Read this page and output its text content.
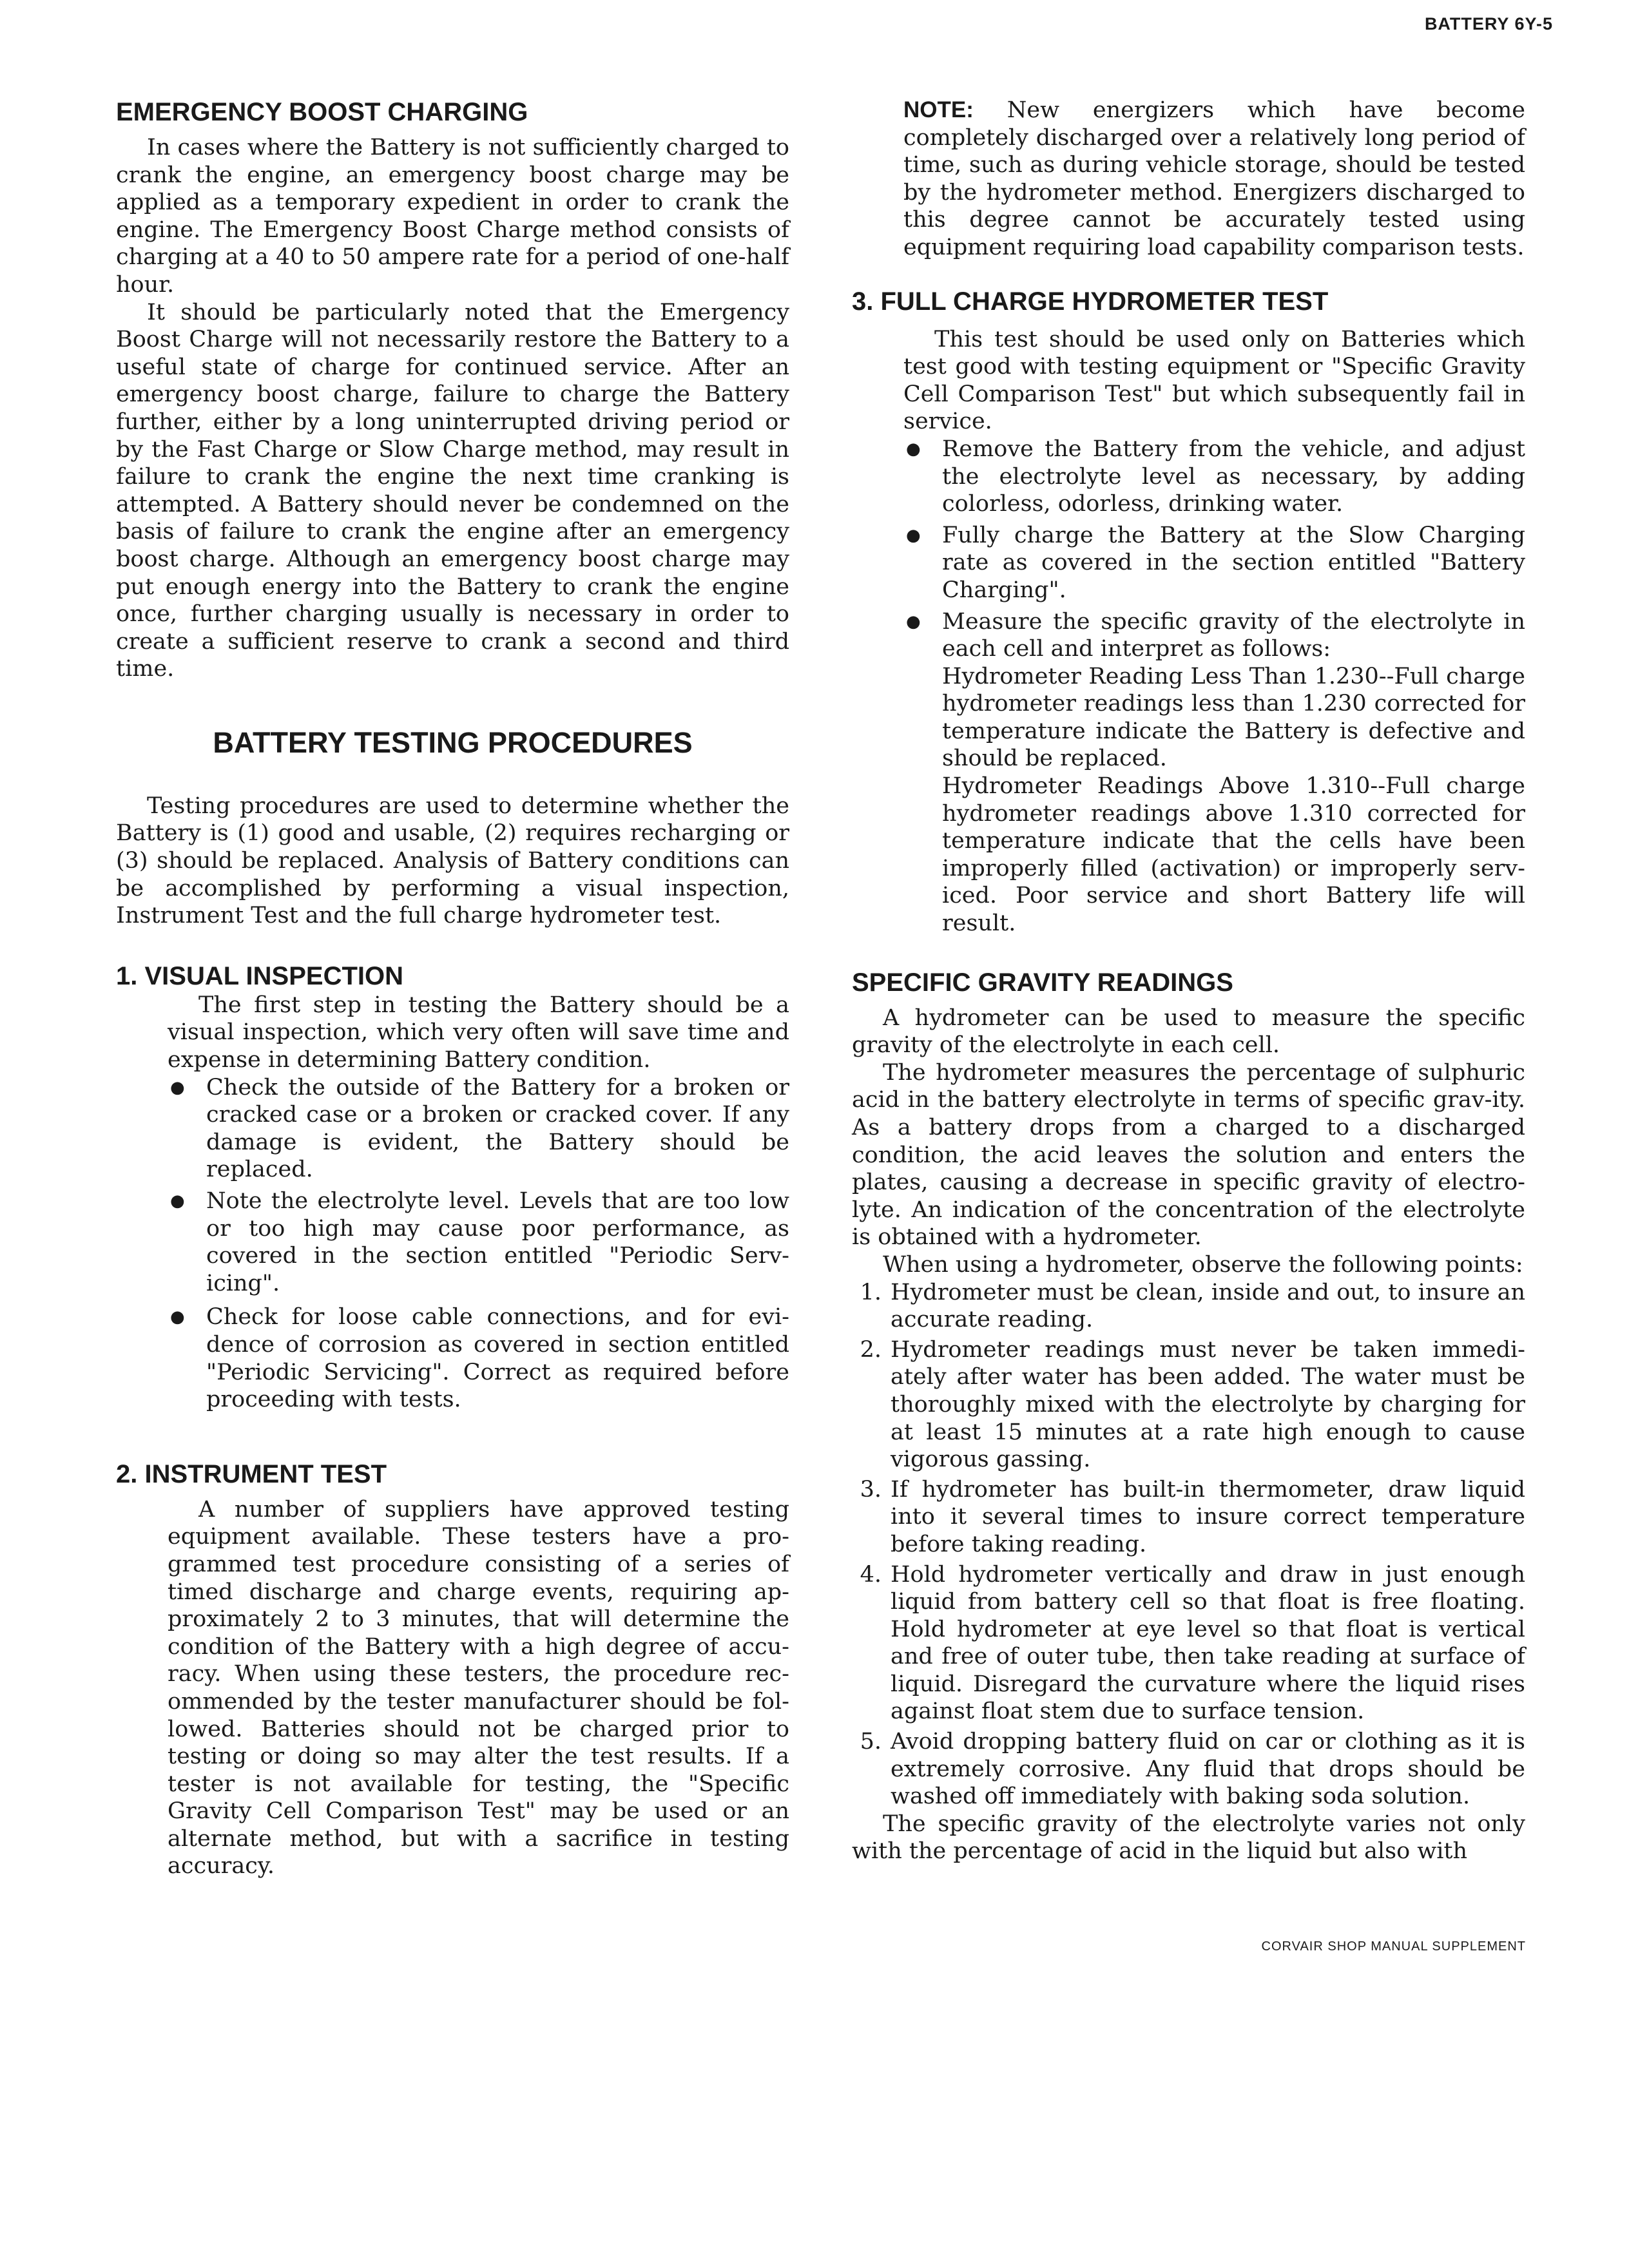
BATTERY 6Y-5
EMERGENCY BOOST CHARGING

In cases where the Battery is not sufficiently charged to crank the engine, an emergency boost charge may be applied as a temporary expedient in order to crank the engine. The Emergency Boost Charge method consists of charging at a 40 to 50 ampere rate for a period of one-half hour.

It should be particularly noted that the Emergency Boost Charge will not necessarily restore the Battery to a useful state of charge for continued service. After an emergency boost charge, failure to charge the Battery further, either by a long uninterrupted driving period or by the Fast Charge or Slow Charge method, may result in failure to crank the engine the next time cranking is attempted. A Battery should never be condemned on the basis of failure to crank the engine after an emergency boost charge. Although an emergency boost charge may put enough energy into the Battery to crank the engine once, further charging usually is necessary in order to create a sufficient reserve to crank a second and third time.

BATTERY TESTING PROCEDURES

Testing procedures are used to determine whether the Battery is (1) good and usable, (2) requires recharging or (3) should be replaced. Analysis of Battery conditions can be accomplished by performing a visual inspection, Instrument Test and the full charge hydrometer test.

1. VISUAL INSPECTION

The first step in testing the Battery should be a visual inspection, which very often will save time and expense in determining Battery condition.

● Check the outside of the Battery for a broken or cracked case or a broken or cracked cover. If any damage is evident, the Battery should be replaced.
● Note the electrolyte level. Levels that are too low or too high may cause poor performance, as covered in the section entitled "Periodic Serv-icing".
● Check for loose cable connections, and for evi-dence of corrosion as covered in section entitled "Periodic Servicing". Correct as required before proceeding with tests.
2. INSTRUMENT TEST

A number of suppliers have approved testing equipment available. These testers have a pro-grammed test procedure consisting of a series of timed discharge and charge events, requiring ap-proximately 2 to 3 minutes, that will determine the condition of the Battery with a high degree of accu-racy. When using these testers, the procedure rec-ommended by the tester manufacturer should be fol-lowed. Batteries should not be charged prior to testing or doing so may alter the test results. If a tester is not available for testing, the "Specific Gravity Cell Comparison Test" may be used or an alternate method, but with a sacrifice in testing accuracy.

NOTE: New energizers which have become completely discharged over a relatively long period of time, such as during vehicle storage, should be tested by the hydrometer method. Energizers discharged to this degree cannot be accurately tested using equipment requiring load capability comparison tests.

3. FULL CHARGE HYDROMETER TEST

This test should be used only on Batteries which test good with testing equipment or "Specific Gravity Cell Comparison Test" but which subsequently fail in service.

● Remove the Battery from the vehicle, and adjust the electrolyte level as necessary, by adding colorless, odorless, drinking water.
● Fully charge the Battery at the Slow Charging rate as covered in the section entitled "Battery Charging".
● Measure the specific gravity of the electrolyte in each cell and interpret as follows:

Hydrometer Reading Less Than 1.230--Full charge hydrometer readings less than 1.230 corrected for temperature indicate the Battery is defective and should be replaced.

Hydrometer Readings Above 1.310--Full charge hydrometer readings above 1.310 corrected for temperature indicate that the cells have been improperly filled (activation) or improperly serv-iced. Poor service and short Battery life will result.

SPECIFIC GRAVITY READINGS

A hydrometer can be used to measure the specific gravity of the electrolyte in each cell.

The hydrometer measures the percentage of sulphuric acid in the battery electrolyte in terms of specific grav-ity. As a battery drops from a charged to a discharged condition, the acid leaves the solution and enters the plates, causing a decrease in specific gravity of electro-lyte. An indication of the concentration of the electrolyte is obtained with a hydrometer.

When using a hydrometer, observe the following points:

1. Hydrometer must be clean, inside and out, to insure an accurate reading.
2. Hydrometer readings must never be taken immedi-ately after water has been added. The water must be thoroughly mixed with the electrolyte by charging for at least 15 minutes at a rate high enough to cause vigorous gassing.
3. If hydrometer has built-in thermometer, draw liquid into it several times to insure correct temperature before taking reading.
4. Hold hydrometer vertically and draw in just enough liquid from battery cell so that float is free floating. Hold hydrometer at eye level so that float is vertical and free of outer tube, then take reading at surface of liquid. Disregard the curvature where the liquid rises against float stem due to surface tension.
5. Avoid dropping battery fluid on car or clothing as it is extremely corrosive. Any fluid that drops should be washed off immediately with baking soda solution.

The specific gravity of the electrolyte varies not only with the percentage of acid in the liquid but also with

CORVAIR SHOP MANUAL SUPPLEMENT
